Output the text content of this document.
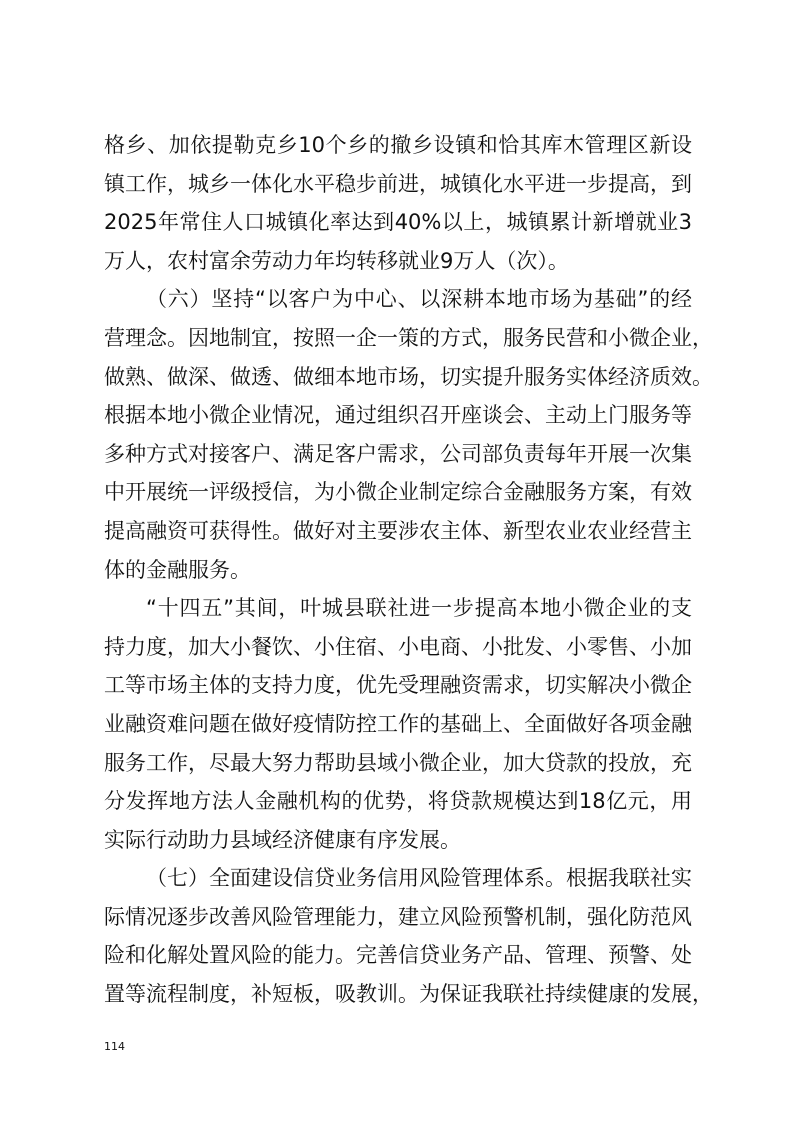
格乡、加依提勒克乡10个乡的撤乡设镇和恰其库木管理区新设
镇工作，城乡一体化水平稳步前进，城镇化水平进一步提高，到
2025年常住人口城镇化率达到40%以上，城镇累计新增就业3
万人，农村富余劳动力年均转移就业9万人（次）。
（六）坚持“以客户为中心、以深耕本地市场为基础”的经
营理念。因地制宜，按照一企一策的方式，服务民营和小微企业，
做熟、做深、做透、做细本地市场，切实提升服务实体经济质效。
根据本地小微企业情况，通过组织召开座谈会、主动上门服务等
多种方式对接客户、满足客户需求，公司部负责每年开展一次集
中开展统一评级授信，为小微企业制定综合金融服务方案，有效
提高融资可获得性。做好对主要涉农主体、新型农业农业经营主
体的金融服务。
“十四五”其间，叶城县联社进一步提高本地小微企业的支
持力度，加大小餐饮、小住宿、小电商、小批发、小零售、小加
工等市场主体的支持力度，优先受理融资需求，切实解决小微企
业融资难问题在做好疫情防控工作的基础上、全面做好各项金融
服务工作，尽最大努力帮助县域小微企业，加大贷款的投放，充
分发挥地方法人金融机构的优势，将贷款规模达到18亿元，用
实际行动助力县域经济健康有序发展。
（七）全面建设信贷业务信用风险管理体系。根据我联社实
际情况逐步改善风险管理能力，建立风险预警机制，强化防范风
险和化解处置风险的能力。完善信贷业务产品、管理、预警、处
置等流程制度，补短板，吸教训。为保证我联社持续健康的发展，
114
